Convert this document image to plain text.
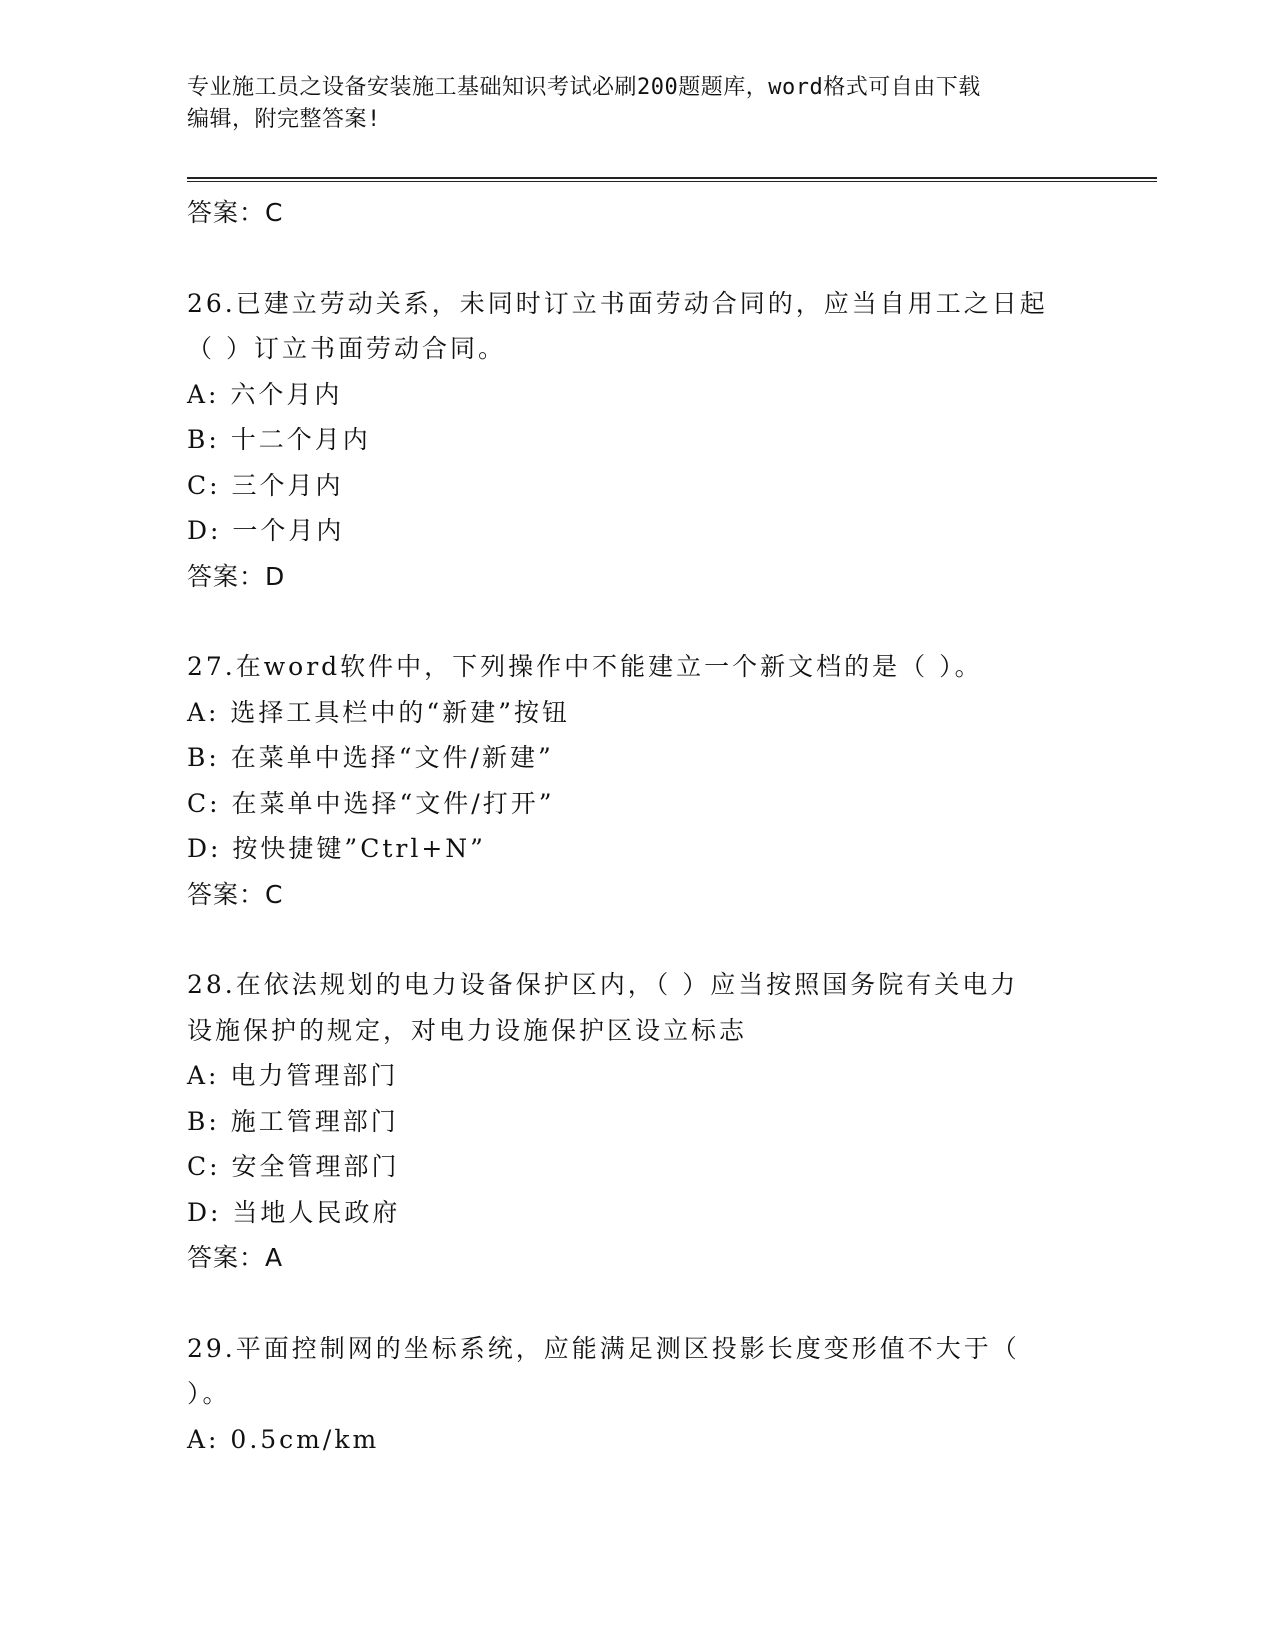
专业施工员之设备安装施工基础知识考试必刷200题题库，word格式可自由下载
编辑，附完整答案!

答案：C

26.已建立劳动关系，未同时订立书面劳动合同的，应当自用工之日起

（ ）订立书面劳动合同。

A: 六个月内

B: 十二个月内

C: 三个月内

D: 一个月内

答案：D

27.在word软件中，下列操作中不能建立一个新文档的是（ ）。

A: 选择工具栏中的“新建”按钮

B: 在菜单中选择“文件/新建”

C: 在菜单中选择“文件/打开”

D: 按快捷键”Ctrl+N”

答案：C

28.在依法规划的电力设备保护区内，（ ）应当按照国务院有关电力

设施保护的规定，对电力设施保护区设立标志

A: 电力管理部门

B: 施工管理部门

C: 安全管理部门

D: 当地人民政府

答案：A

29.平面控制网的坐标系统，应能满足测区投影长度变形值不大于（

）。

A: 0.5cm/km
